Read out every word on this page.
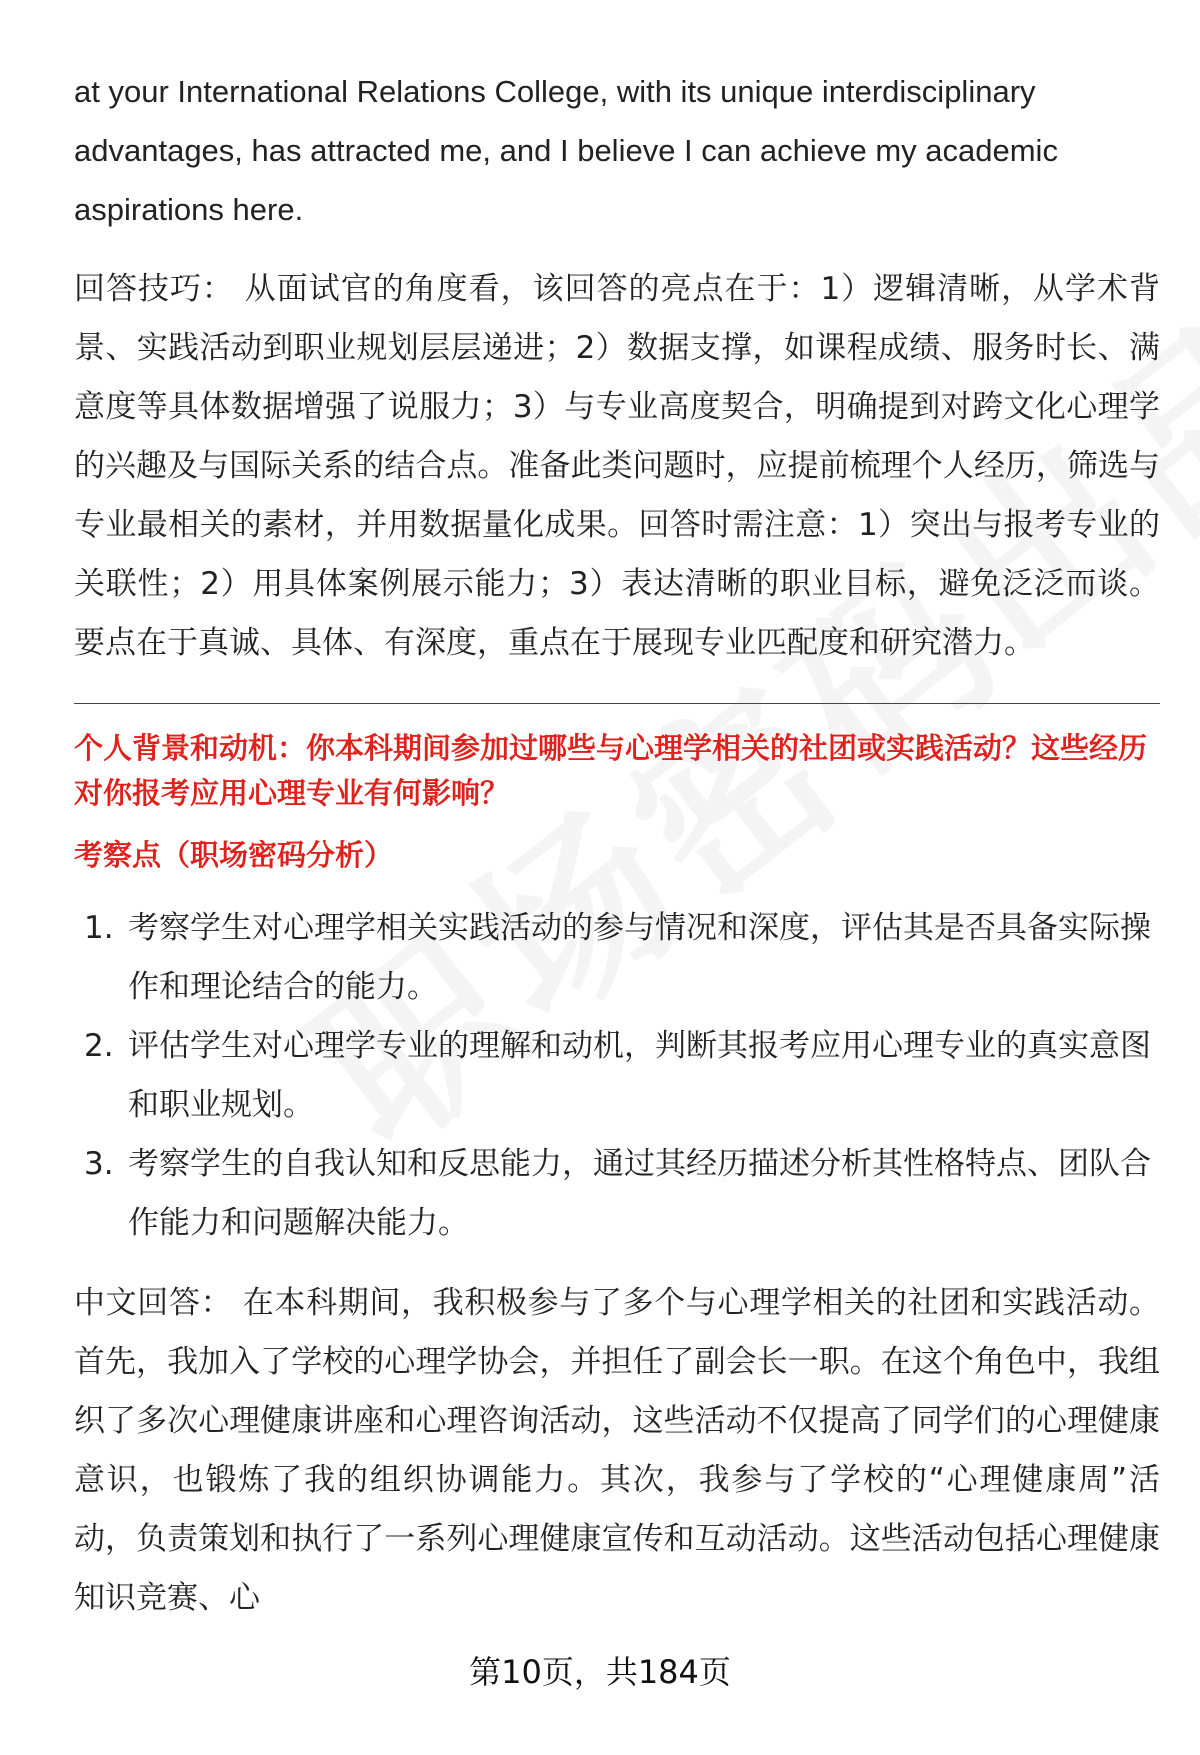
at your International Relations College, with its unique interdisciplinary advantages, has attracted me, and I believe I can achieve my academic aspirations here.

回答技巧： 从面试官的角度看，该回答的亮点在于：1）逻辑清晰，从学术背景、实践活动到职业规划层层递进；2）数据支撑，如课程成绩、服务时长、满意度等具体数据增强了说服力；3）与专业高度契合，明确提到对跨文化心理学的兴趣及与国际关系的结合点。准备此类问题时，应提前梳理个人经历，筛选与专业最相关的素材，并用数据量化成果。回答时需注意：1）突出与报考专业的关联性；2）用具体案例展示能力；3）表达清晰的职业目标，避免泛泛而谈。要点在于真诚、具体、有深度，重点在于展现专业匹配度和研究潜力。

个人背景和动机：你本科期间参加过哪些与心理学相关的社团或实践活动？这些经历对你报考应用心理专业有何影响？

考察点（职场密码分析）

1. 考察学生对心理学相关实践活动的参与情况和深度，评估其是否具备实际操作和理论结合的能力。
2. 评估学生对心理学专业的理解和动机，判断其报考应用心理专业的真实意图和职业规划。
3. 考察学生的自我认知和反思能力，通过其经历描述分析其性格特点、团队合作能力和问题解决能力。

中文回答： 在本科期间，我积极参与了多个与心理学相关的社团和实践活动。首先，我加入了学校的心理学协会，并担任了副会长一职。在这个角色中，我组织了多次心理健康讲座和心理咨询活动，这些活动不仅提高了同学们的心理健康意识，也锻炼了我的组织协调能力。其次，我参与了学校的“心理健康周”活动，负责策划和执行了一系列心理健康宣传和互动活动。这些活动包括心理健康知识竞赛、心

第10页，共184页
